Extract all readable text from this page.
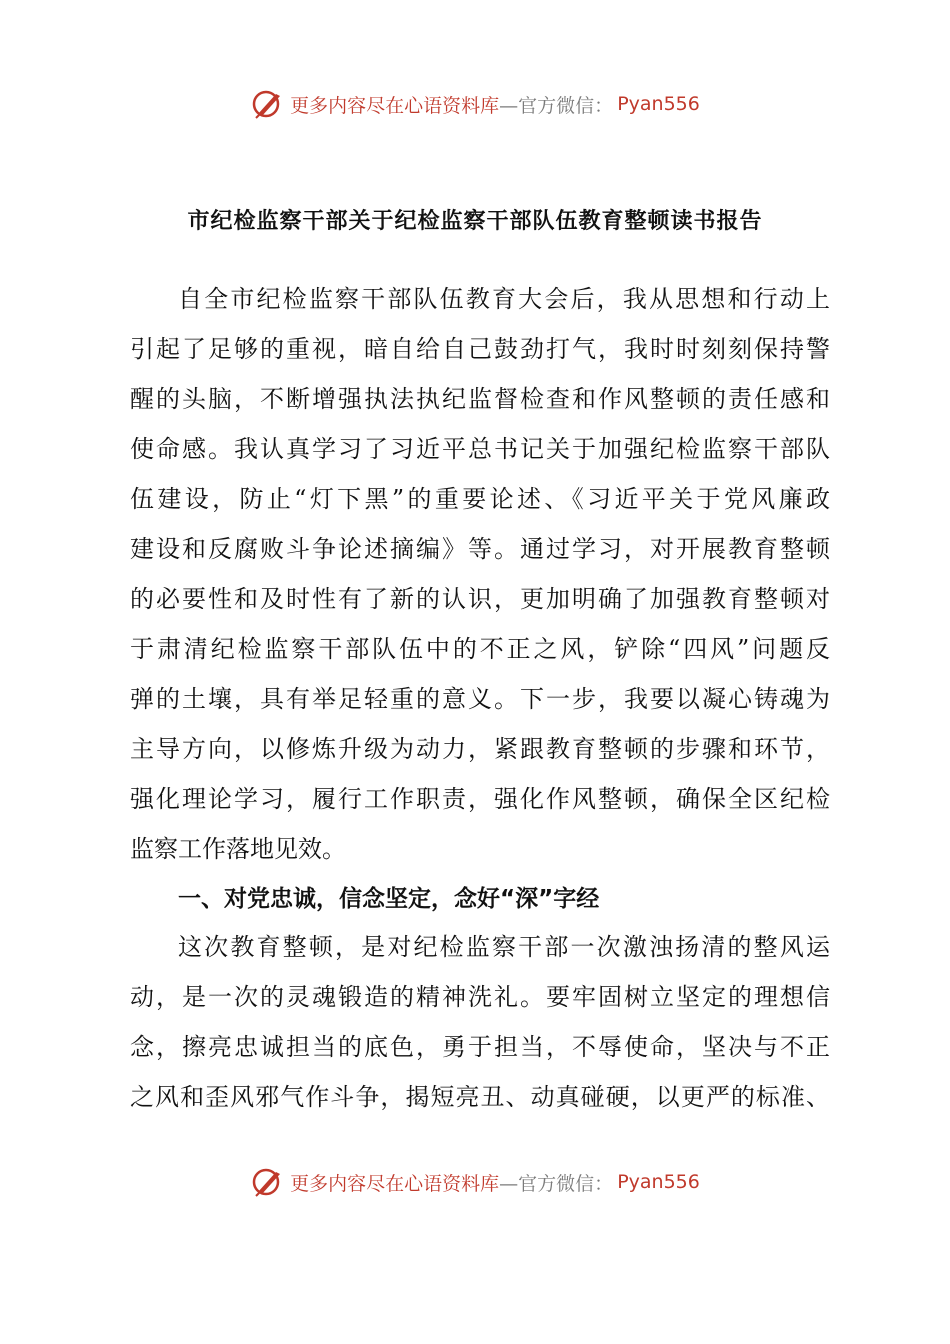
更多内容尽在心语资料库 —官方微信： Pyan556
市纪检监察干部关于纪检监察干部队伍教育整顿读书报告
自全市纪检监察干部队伍教育大会后，我从思想和行动上
引起了足够的重视，暗自给自己鼓劲打气，我时时刻刻保持警
醒的头脑，不断增强执法执纪监督检查和作风整顿的责任感和
使命感。我认真学习了习近平总书记关于加强纪检监察干部队
伍建设，防止“灯下黑”的重要论述、《习近平关于党风廉政
建设和反腐败斗争论述摘编》等。通过学习，对开展教育整顿
的必要性和及时性有了新的认识，更加明确了加强教育整顿对
于肃清纪检监察干部队伍中的不正之风，铲除“四风”问题反
弹的土壤，具有举足轻重的意义。下一步，我要以凝心铸魂为
主导方向，以修炼升级为动力，紧跟教育整顿的步骤和环节，
强化理论学习，履行工作职责，强化作风整顿，确保全区纪检
监察工作落地见效。
一、对党忠诚，信念坚定，念好“深”字经
这次教育整顿，是对纪检监察干部一次激浊扬清的整风运
动，是一次的灵魂锻造的精神洗礼。要牢固树立坚定的理想信
念，擦亮忠诚担当的底色，勇于担当，不辱使命，坚决与不正
之风和歪风邪气作斗争，揭短亮丑、动真碰硬，以更严的标准、
更多内容尽在心语资料库 —官方微信： Pyan556
